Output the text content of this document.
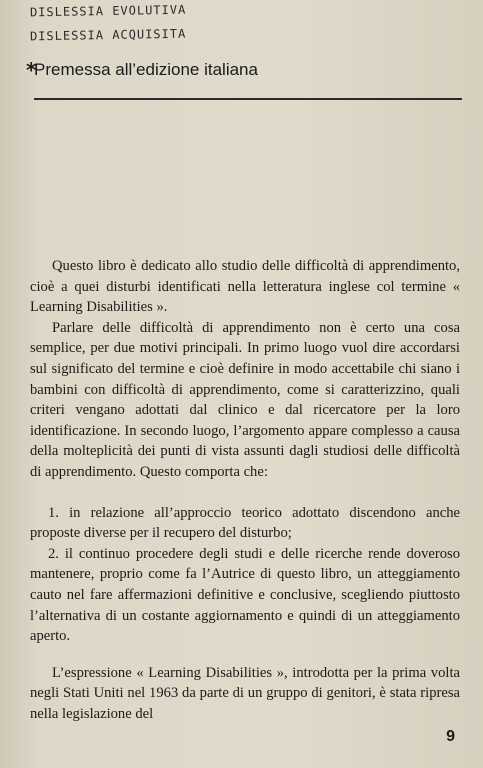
DISLESSIA EVOLUTIVA
DISLESSIA ACQUISITA
*
Premessa all’edizione italiana

Questo libro è dedicato allo studio delle difficoltà di apprendimento, cioè a quei disturbi identificati nella letteratura inglese col termine « Learning Disabilities ».

Parlare delle difficoltà di apprendimento non è certo una cosa semplice, per due motivi principali. In primo luogo vuol dire accordarsi sul significato del termine e cioè definire in modo accettabile chi siano i bambini con difficoltà di apprendimento, come si caratterizzino, quali criteri vengano adottati dal clinico e dal ricercatore per la loro identificazione. In secondo luogo, l’argomento appare complesso a causa della molteplicità dei punti di vista assunti dagli studiosi delle difficoltà di apprendimento. Questo comporta che:

1. in relazione all’approccio teorico adottato discendono anche proposte diverse per il recupero del disturbo;

2. il continuo procedere degli studi e delle ricerche rende doveroso mantenere, proprio come fa l’Autrice di questo libro, un atteggiamento cauto nel fare affermazioni definitive e conclusive, scegliendo piuttosto l’alternativa di un costante aggiornamento e quindi di un atteggiamento aperto.

L’espressione « Learning Disabilities », introdotta per la prima volta negli Stati Uniti nel 1963 da parte di un gruppo di genitori, è stata ripresa nella legislazione del

9
